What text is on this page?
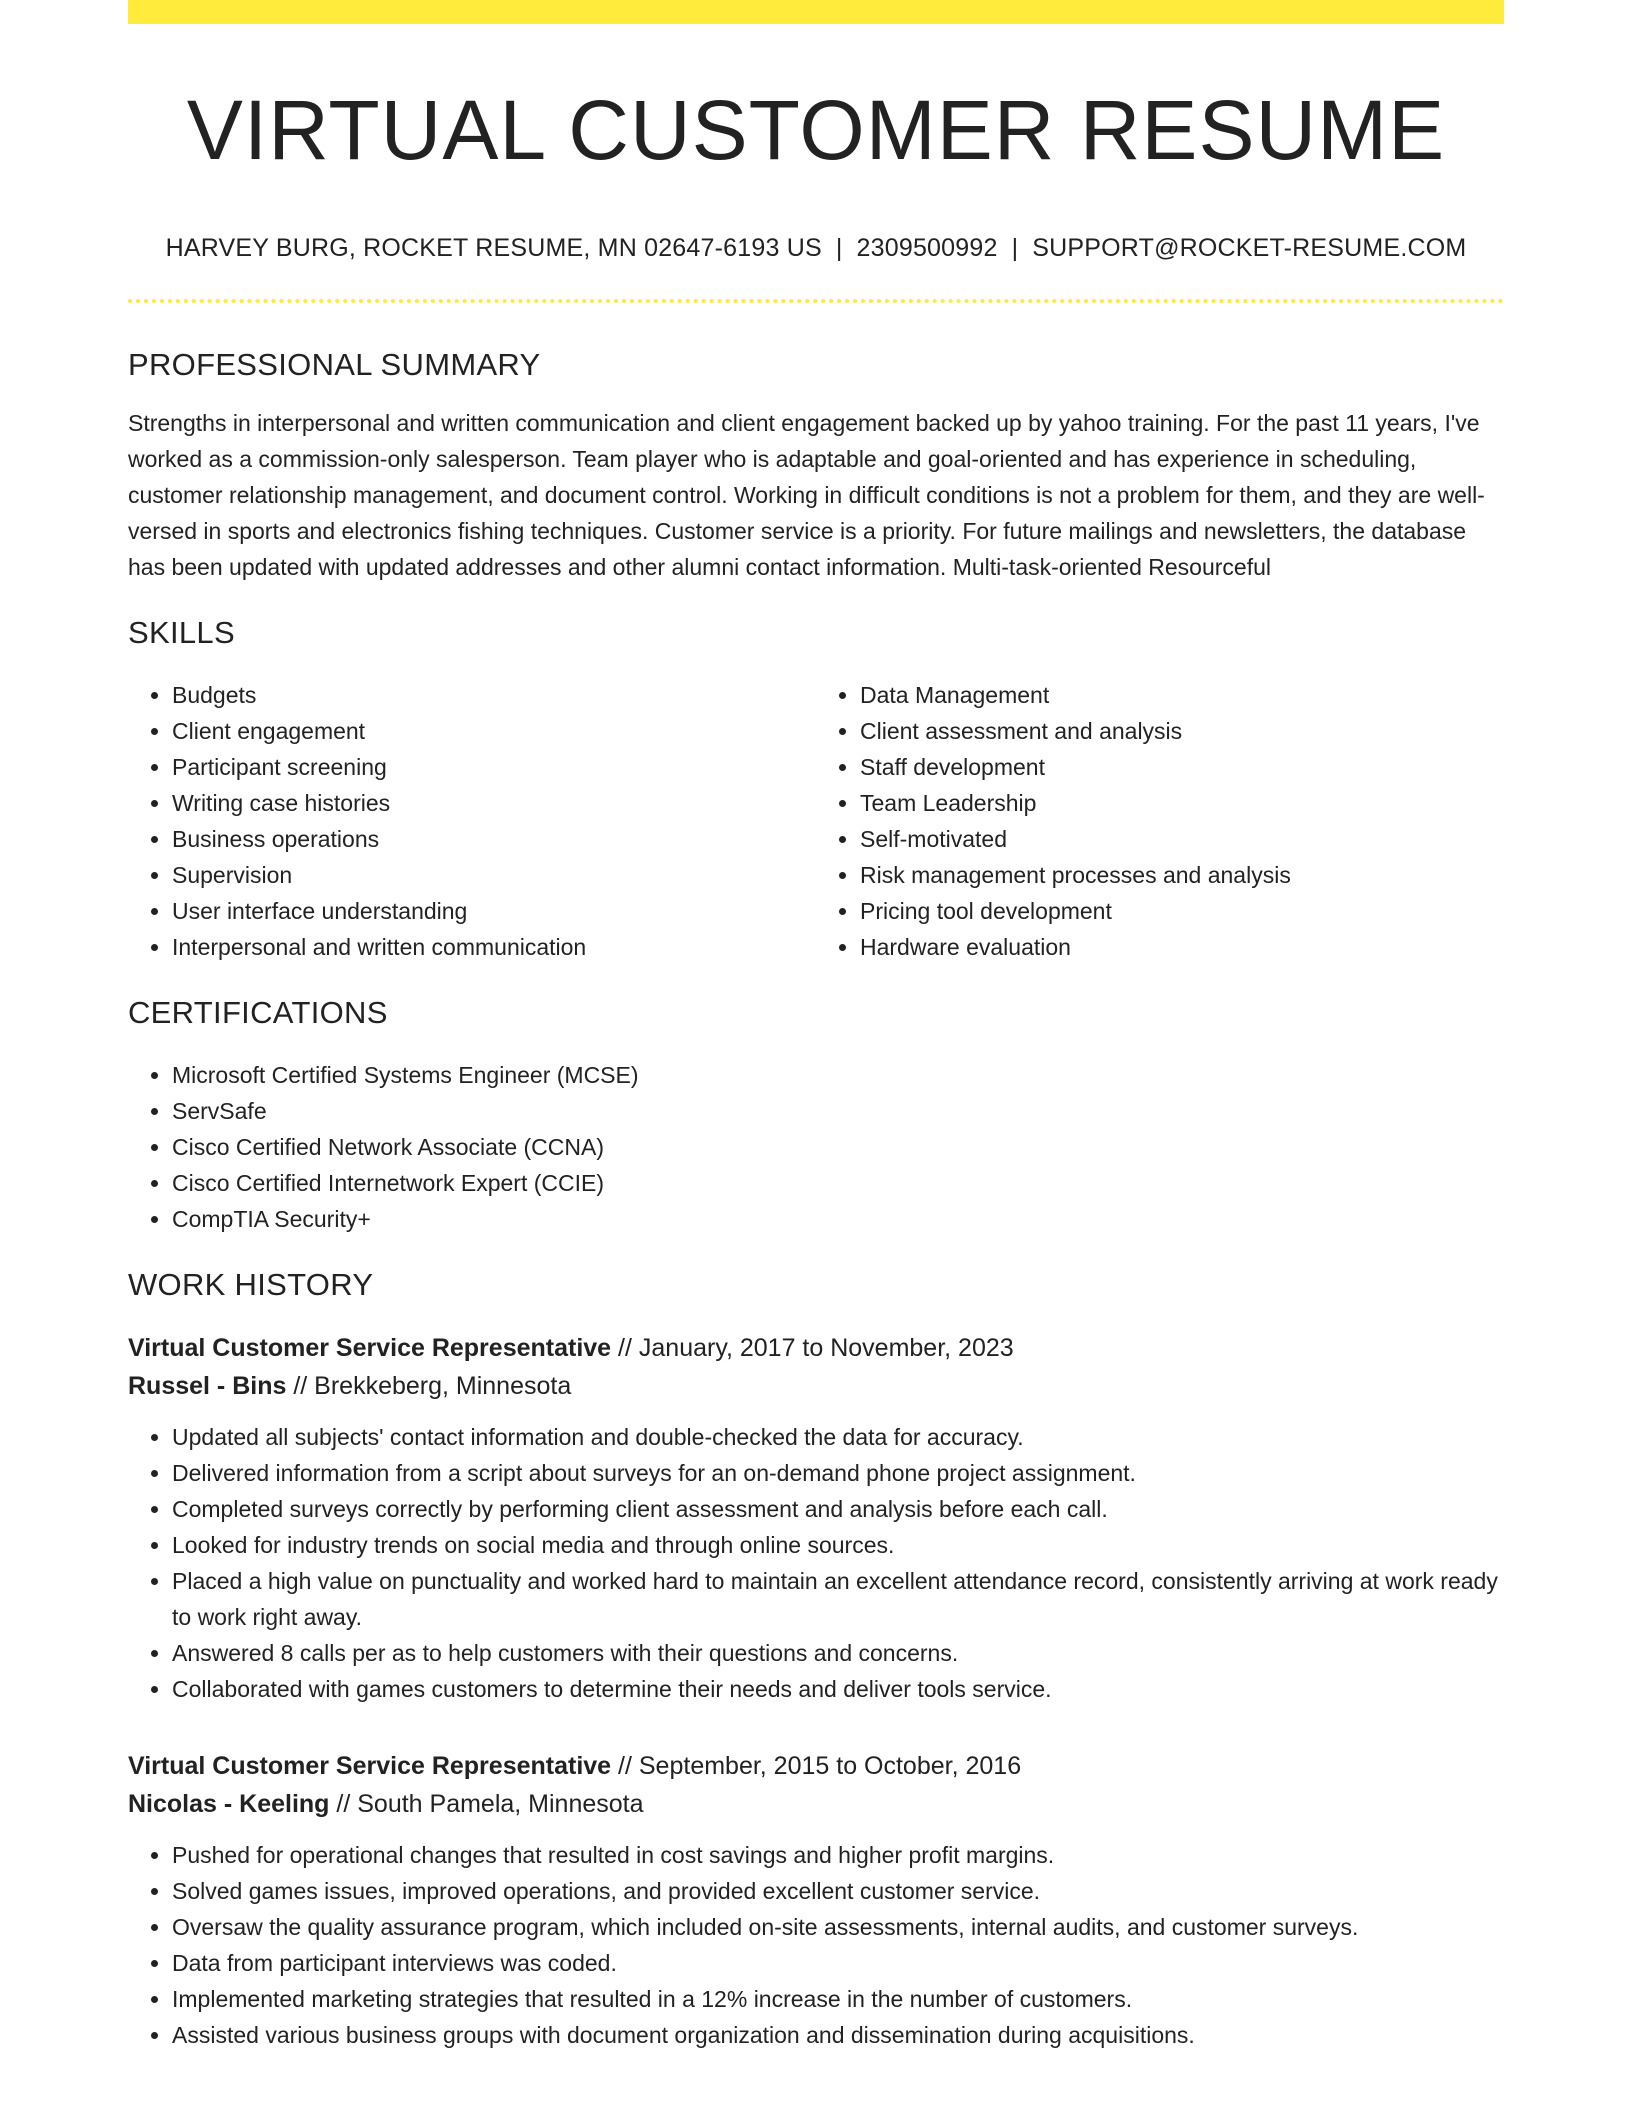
VIRTUAL CUSTOMER RESUME
HARVEY BURG, ROCKET RESUME, MN 02647-6193 US | 2309500992 | SUPPORT@ROCKET-RESUME.COM
PROFESSIONAL SUMMARY

Strengths in interpersonal and written communication and client engagement backed up by yahoo training. For the past 11 years, I've worked as a commission-only salesperson. Team player who is adaptable and goal-oriented and has experience in scheduling, customer relationship management, and document control. Working in difficult conditions is not a problem for them, and they are well-versed in sports and electronics fishing techniques. Customer service is a priority. For future mailings and newsletters, the database has been updated with updated addresses and other alumni contact information. Multi-task-oriented Resourceful

SKILLS
• Budgets
• Client engagement
• Participant screening
• Writing case histories
• Business operations
• Supervision
• User interface understanding
• Interpersonal and written communication
• Data Management
• Client assessment and analysis
• Staff development
• Team Leadership
• Self-motivated
• Risk management processes and analysis
• Pricing tool development
• Hardware evaluation
CERTIFICATIONS
• Microsoft Certified Systems Engineer (MCSE)
• ServSafe
• Cisco Certified Network Associate (CCNA)
• Cisco Certified Internetwork Expert (CCIE)
• CompTIA Security+
WORK HISTORY
Virtual Customer Service Representative // January, 2017 to November, 2023
Russel - Bins // Brekkeberg, Minnesota
• Updated all subjects' contact information and double-checked the data for accuracy.
• Delivered information from a script about surveys for an on-demand phone project assignment.
• Completed surveys correctly by performing client assessment and analysis before each call.
• Looked for industry trends on social media and through online sources.
• Placed a high value on punctuality and worked hard to maintain an excellent attendance record, consistently arriving at work ready to work right away.
• Answered 8 calls per as to help customers with their questions and concerns.
• Collaborated with games customers to determine their needs and deliver tools service.
Virtual Customer Service Representative // September, 2015 to October, 2016
Nicolas - Keeling // South Pamela, Minnesota
• Pushed for operational changes that resulted in cost savings and higher profit margins.
• Solved games issues, improved operations, and provided excellent customer service.
• Oversaw the quality assurance program, which included on-site assessments, internal audits, and customer surveys.
• Data from participant interviews was coded.
• Implemented marketing strategies that resulted in a 12% increase in the number of customers.
• Assisted various business groups with document organization and dissemination during acquisitions.
